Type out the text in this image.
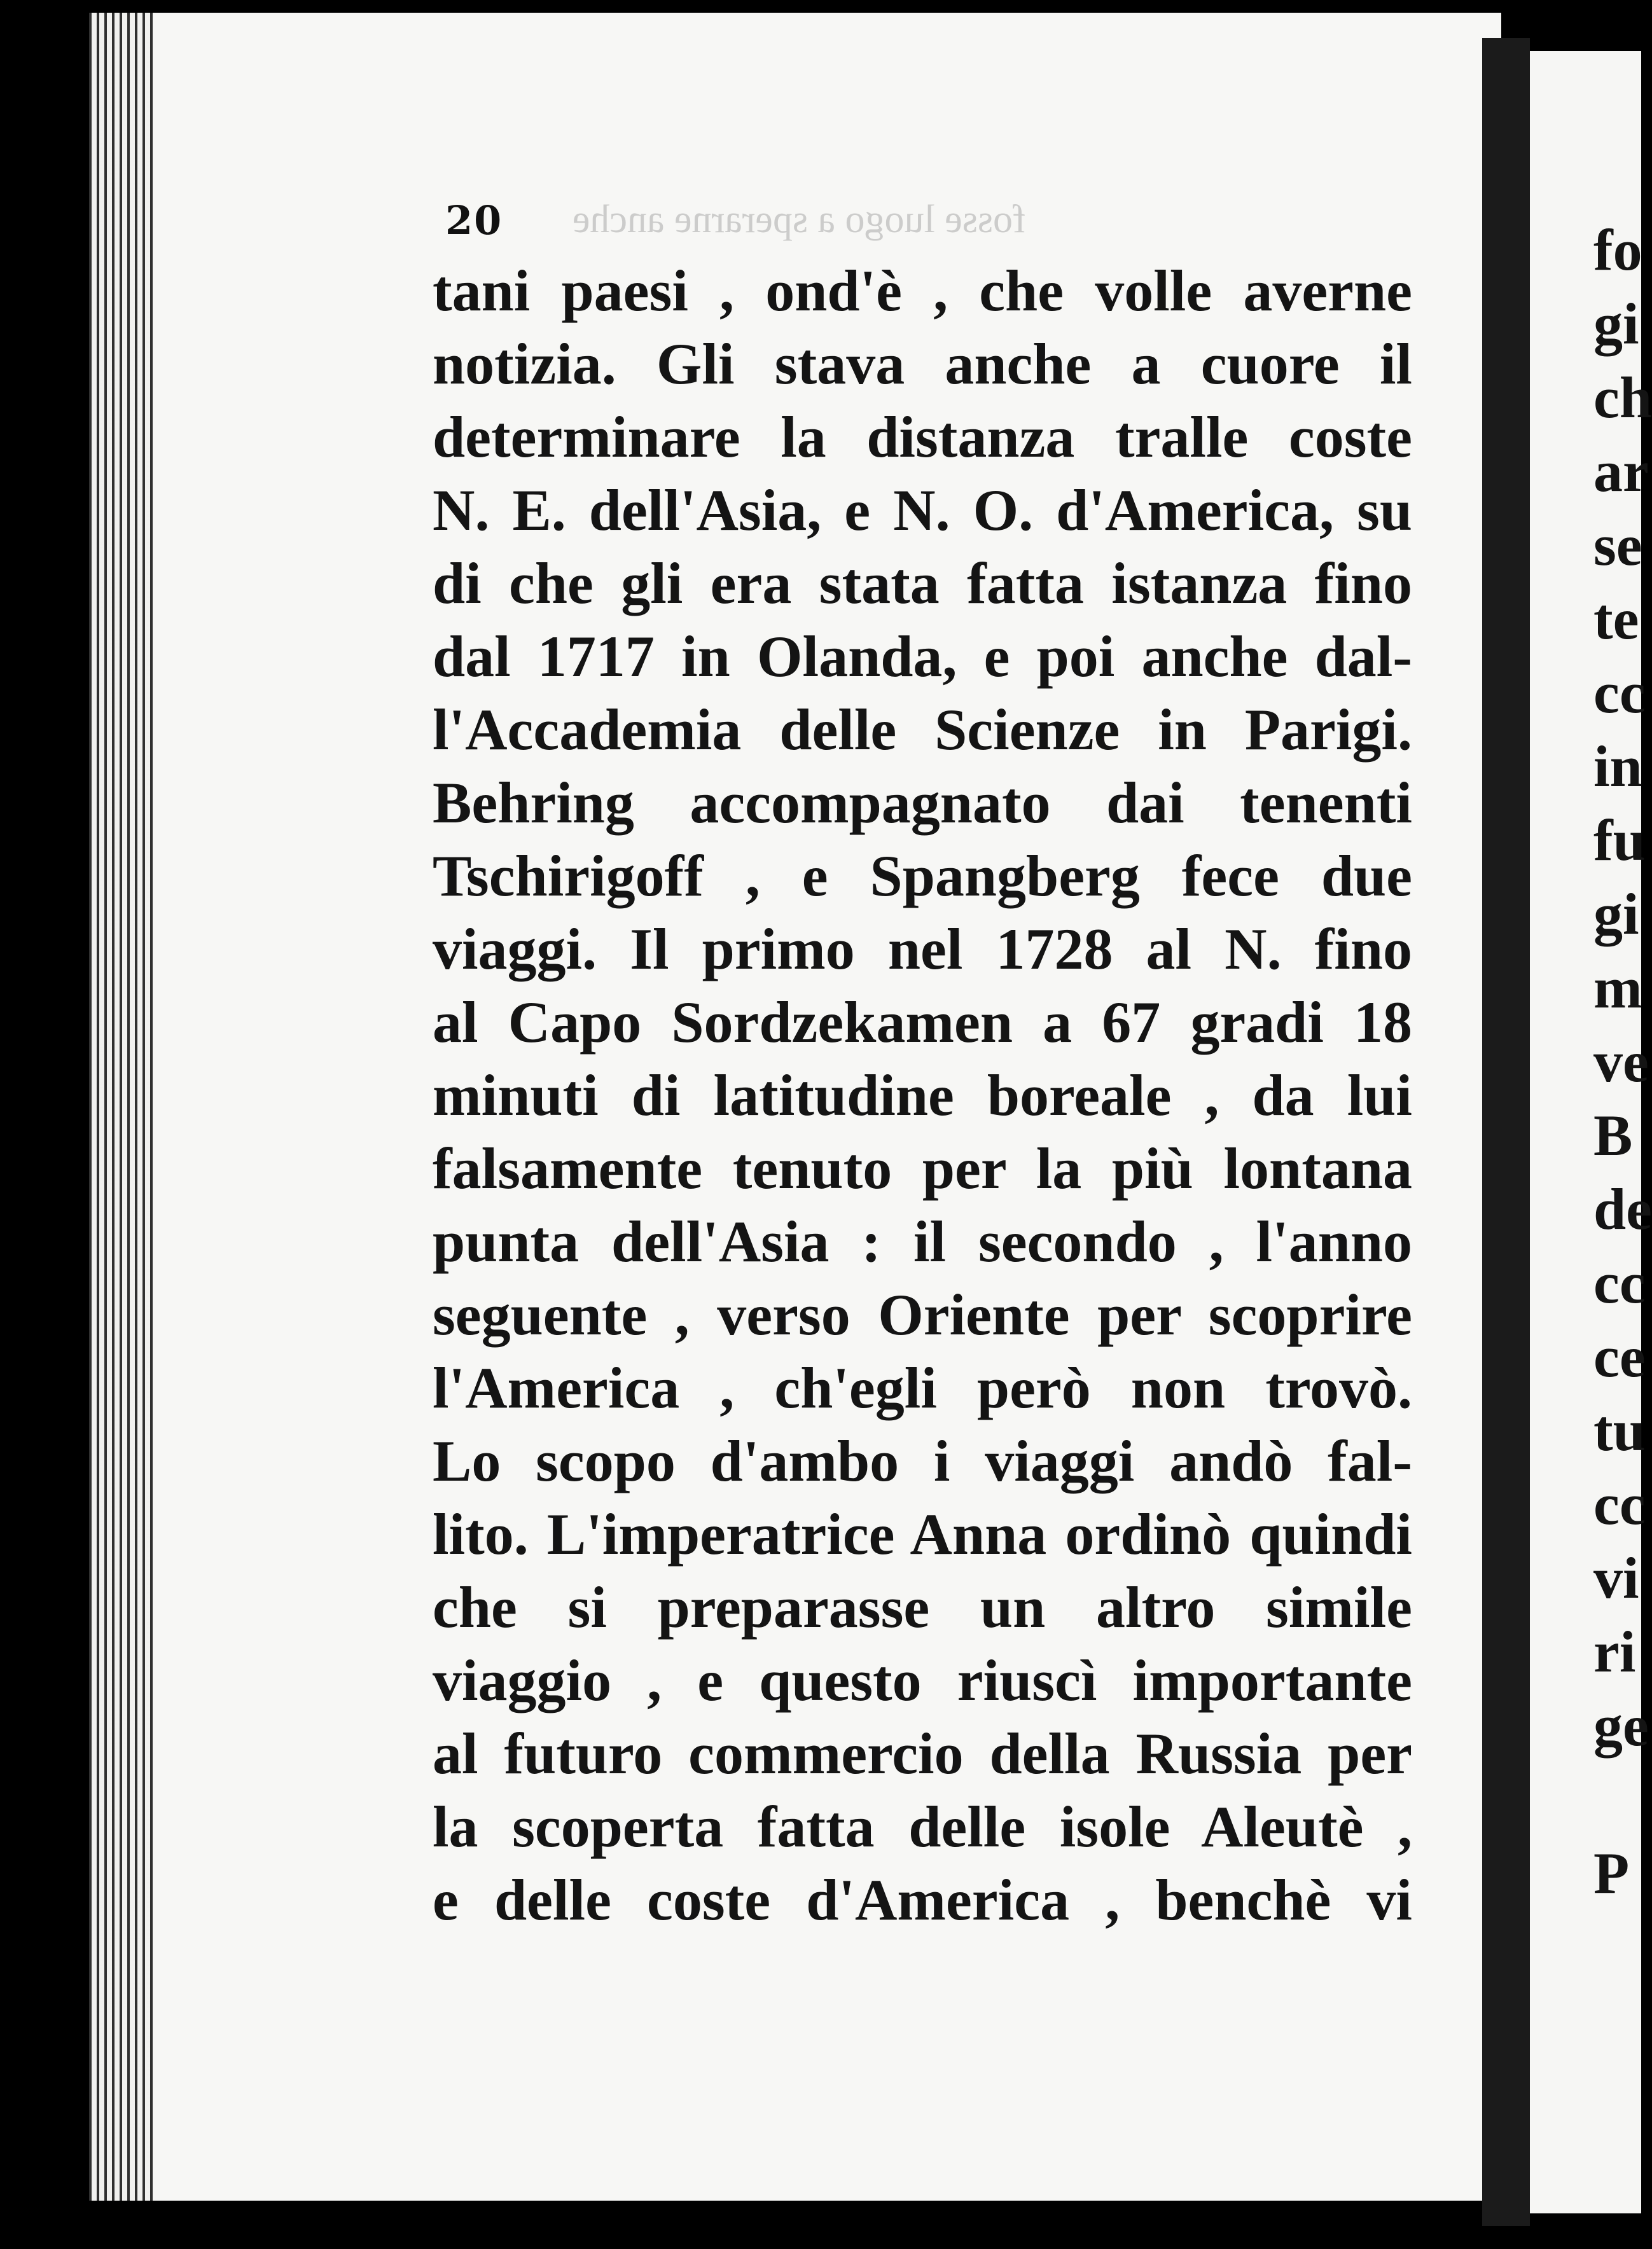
fosse luogo a sperarne anche
20
tani paesi , ond'è , che volle averne
notizia. Gli stava anche a cuore il
determinare la distanza tralle coste
N. E. dell'Asia, e N. O. d'America, su
di che gli era stata fatta istanza fino
dal 1717 in Olanda, e poi anche dal-
l'Accademia delle Scienze in Parigi.
Behring accompagnato dai tenenti
Tschirigoff , e Spangberg fece due
viaggi. Il primo nel 1728 al N. fino
al Capo Sordzekamen a 67 gradi 18
minuti di latitudine boreale , da lui
falsamente tenuto per la più lontana
punta dell'Asia : il secondo , l'anno
seguente , verso Oriente per scoprire
l'America , ch'egli però non trovò.
Lo scopo d'ambo i viaggi andò fal-
lito. L'imperatrice Anna ordinò quindi
che si preparasse un altro simile
viaggio , e questo riuscì importante
al futuro commercio della Russia per
la scoperta fatta delle isole Aleutè ,
e delle coste d'America , benchè vi
fo
gi
ch
ar
se
te
cc
in
fu
gi
m
ve
B
de
cc
ce
tu
cc
vi
ri
ge
P
